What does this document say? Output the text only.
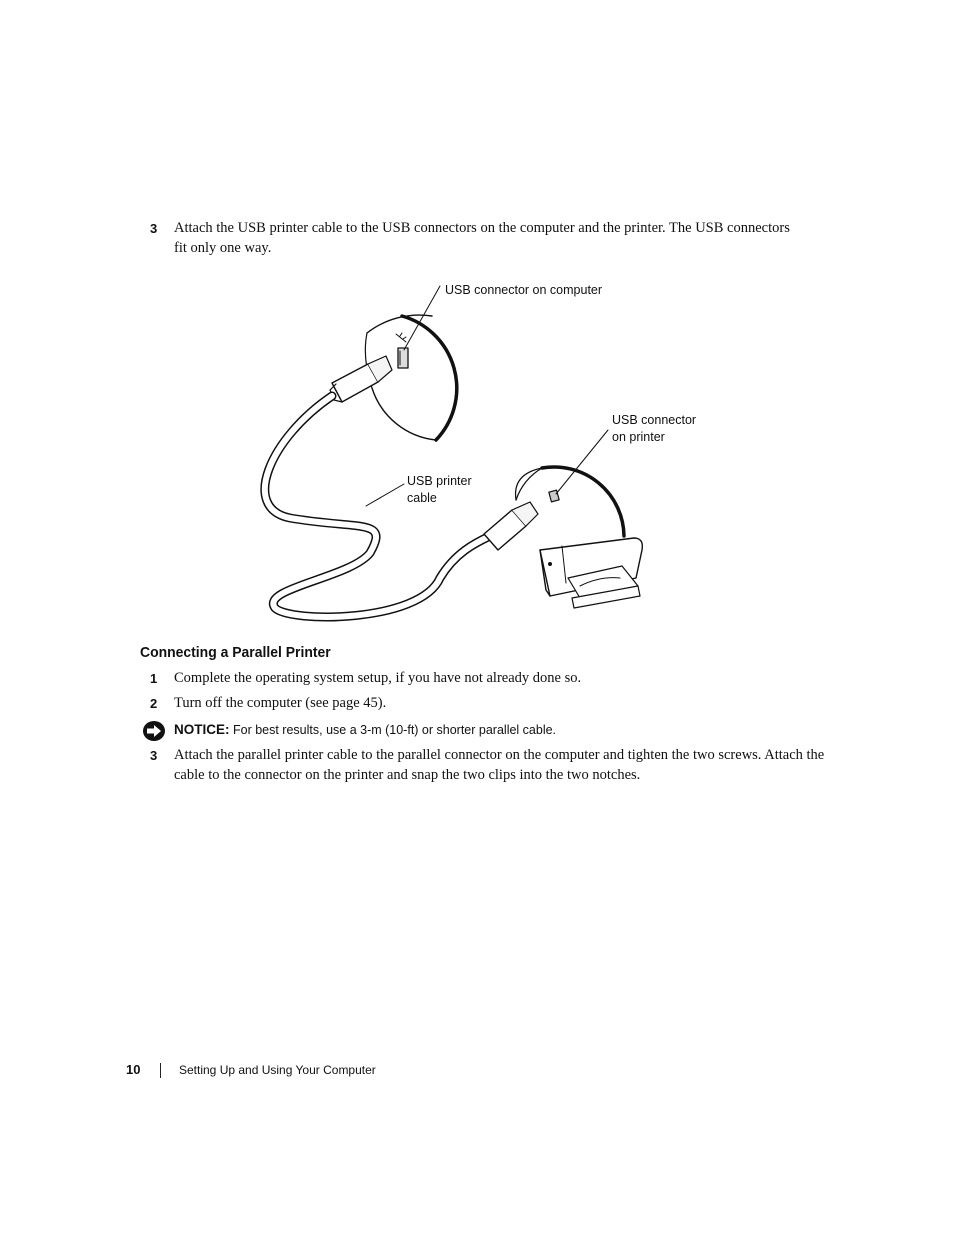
3	Attach the USB printer cable to the USB connectors on the computer and the printer. The USB connectors fit only one way.
USB connector on computer
USB connector
on printer
USB printer
cable
Connecting a Parallel Printer
1	Complete the operating system setup, if you have not already done so.
2	Turn off the computer (see page 45).
NOTICE: For best results, use a 3-m (10-ft) or shorter parallel cable.
3	Attach the parallel printer cable to the parallel connector on the computer and tighten the two screws. Attach the cable to the connector on the printer and snap the two clips into the two notches.
10	Setting Up and Using Your Computer
